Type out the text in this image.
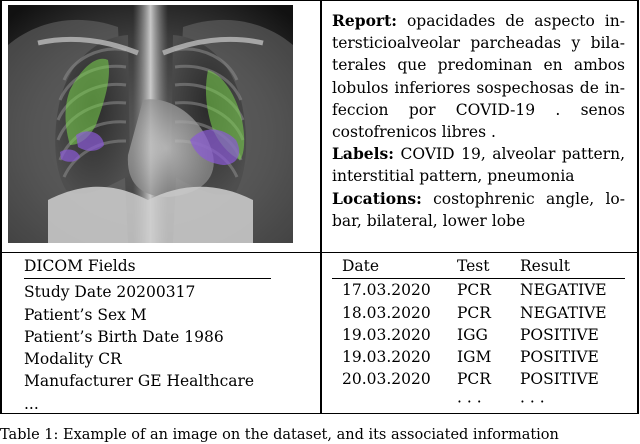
Report: opacidades de aspecto intersticioalveolar parcheadas y bilaterales que predominan en ambos lobulos inferiores sospechosas de infeccion por COVID-19 . senos costofrenicos libres .

Labels: COVID 19, alveolar pattern, interstitial pattern, pneumonia

Locations: costophrenic angle, lobar, bilateral, lower lobe

DICOM Fields
Study Date 20200317
Patient’s Sex M
Patient’s Birth Date 1986
Modality CR
Manufacturer GE Healthcare
...
Date	Test	Result
17.03.2020	PCR	NEGATIVE
18.03.2020	PCR	NEGATIVE
19.03.2020	IGG	POSITIVE
19.03.2020	IGM	POSITIVE
20.03.2020	PCR	POSITIVE
	· · ·	· · ·
Table 1: Example of an image on the dataset, and its associated information
